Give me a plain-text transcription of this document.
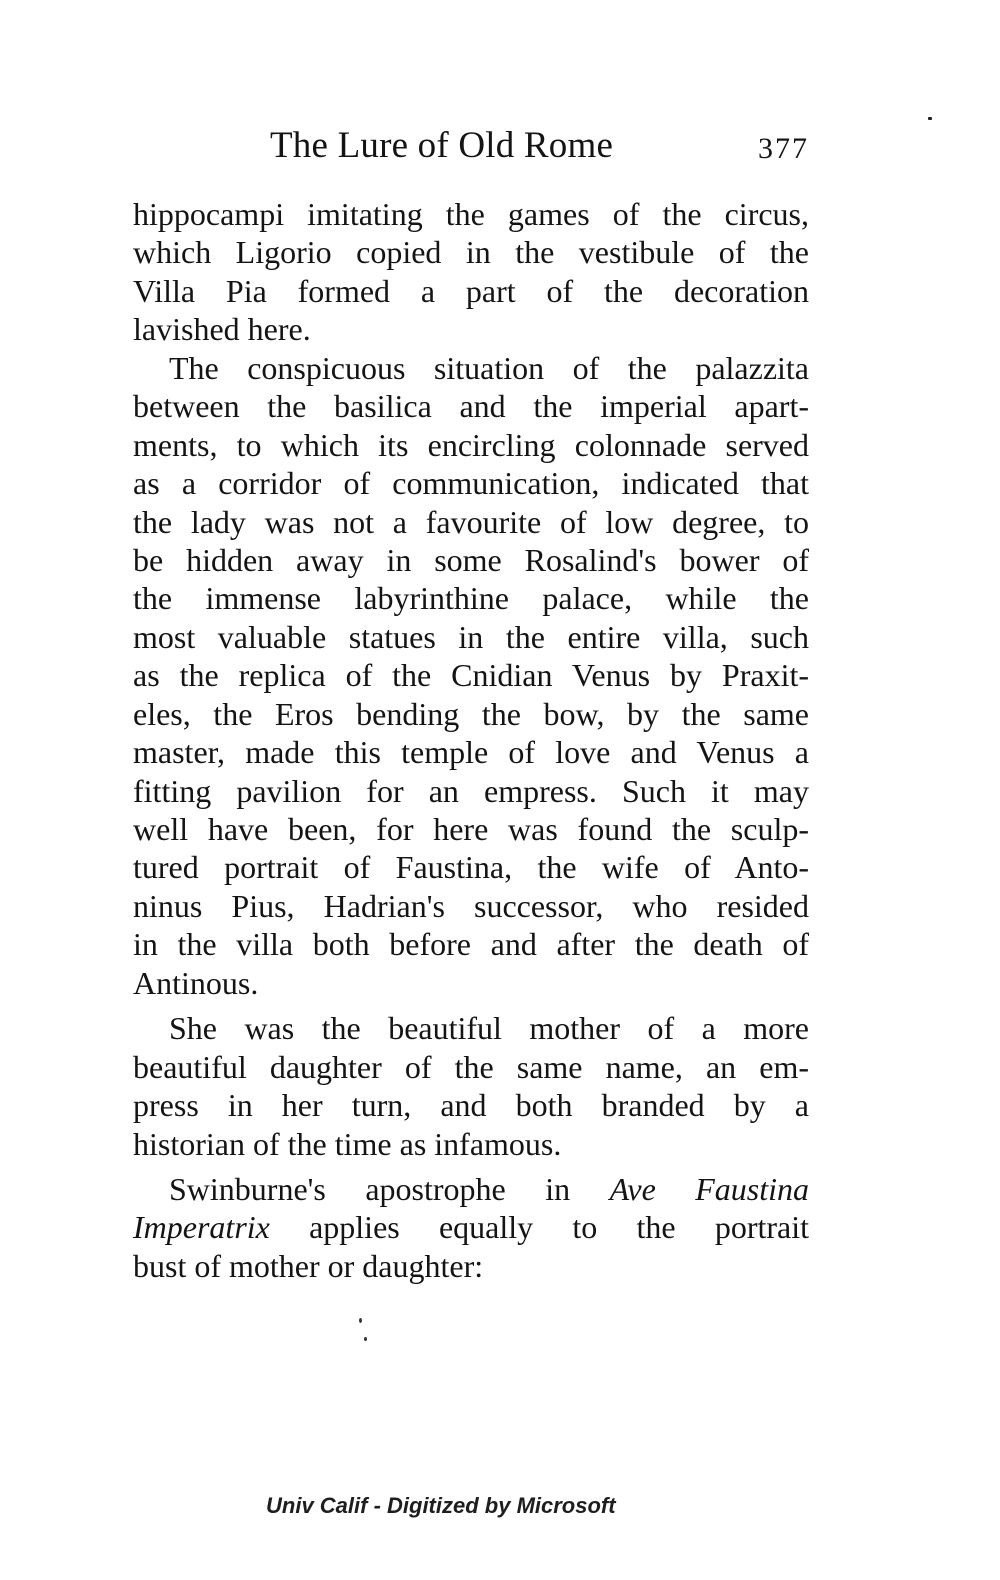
The Lure of Old Rome	377
hippocampi imitating the games of the circus,
which Ligorio copied in the vestibule of the
Villa Pia formed a part of the decoration
lavished here.
The conspicuous situation of the palazzita
between the basilica and the imperial apart-
ments, to which its encircling colonnade served
as a corridor of communication, indicated that
the lady was not a favourite of low degree, to
be hidden away in some Rosalind's bower of
the immense labyrinthine palace, while the
most valuable statues in the entire villa, such
as the replica of the Cnidian Venus by Praxit-
eles, the Eros bending the bow, by the same
master, made this temple of love and Venus a
fitting pavilion for an empress. Such it may
well have been, for here was found the sculp-
tured portrait of Faustina, the wife of Anto-
ninus Pius, Hadrian's successor, who resided
in the villa both before and after the death of
Antinous.
She was the beautiful mother of a more
beautiful daughter of the same name, an em-
press in her turn, and both branded by a
historian of the time as infamous.
Swinburne's apostrophe in Ave Faustina
Imperatrix applies equally to the portrait
bust of mother or daughter:
Univ Calif - Digitized by Microsoft
